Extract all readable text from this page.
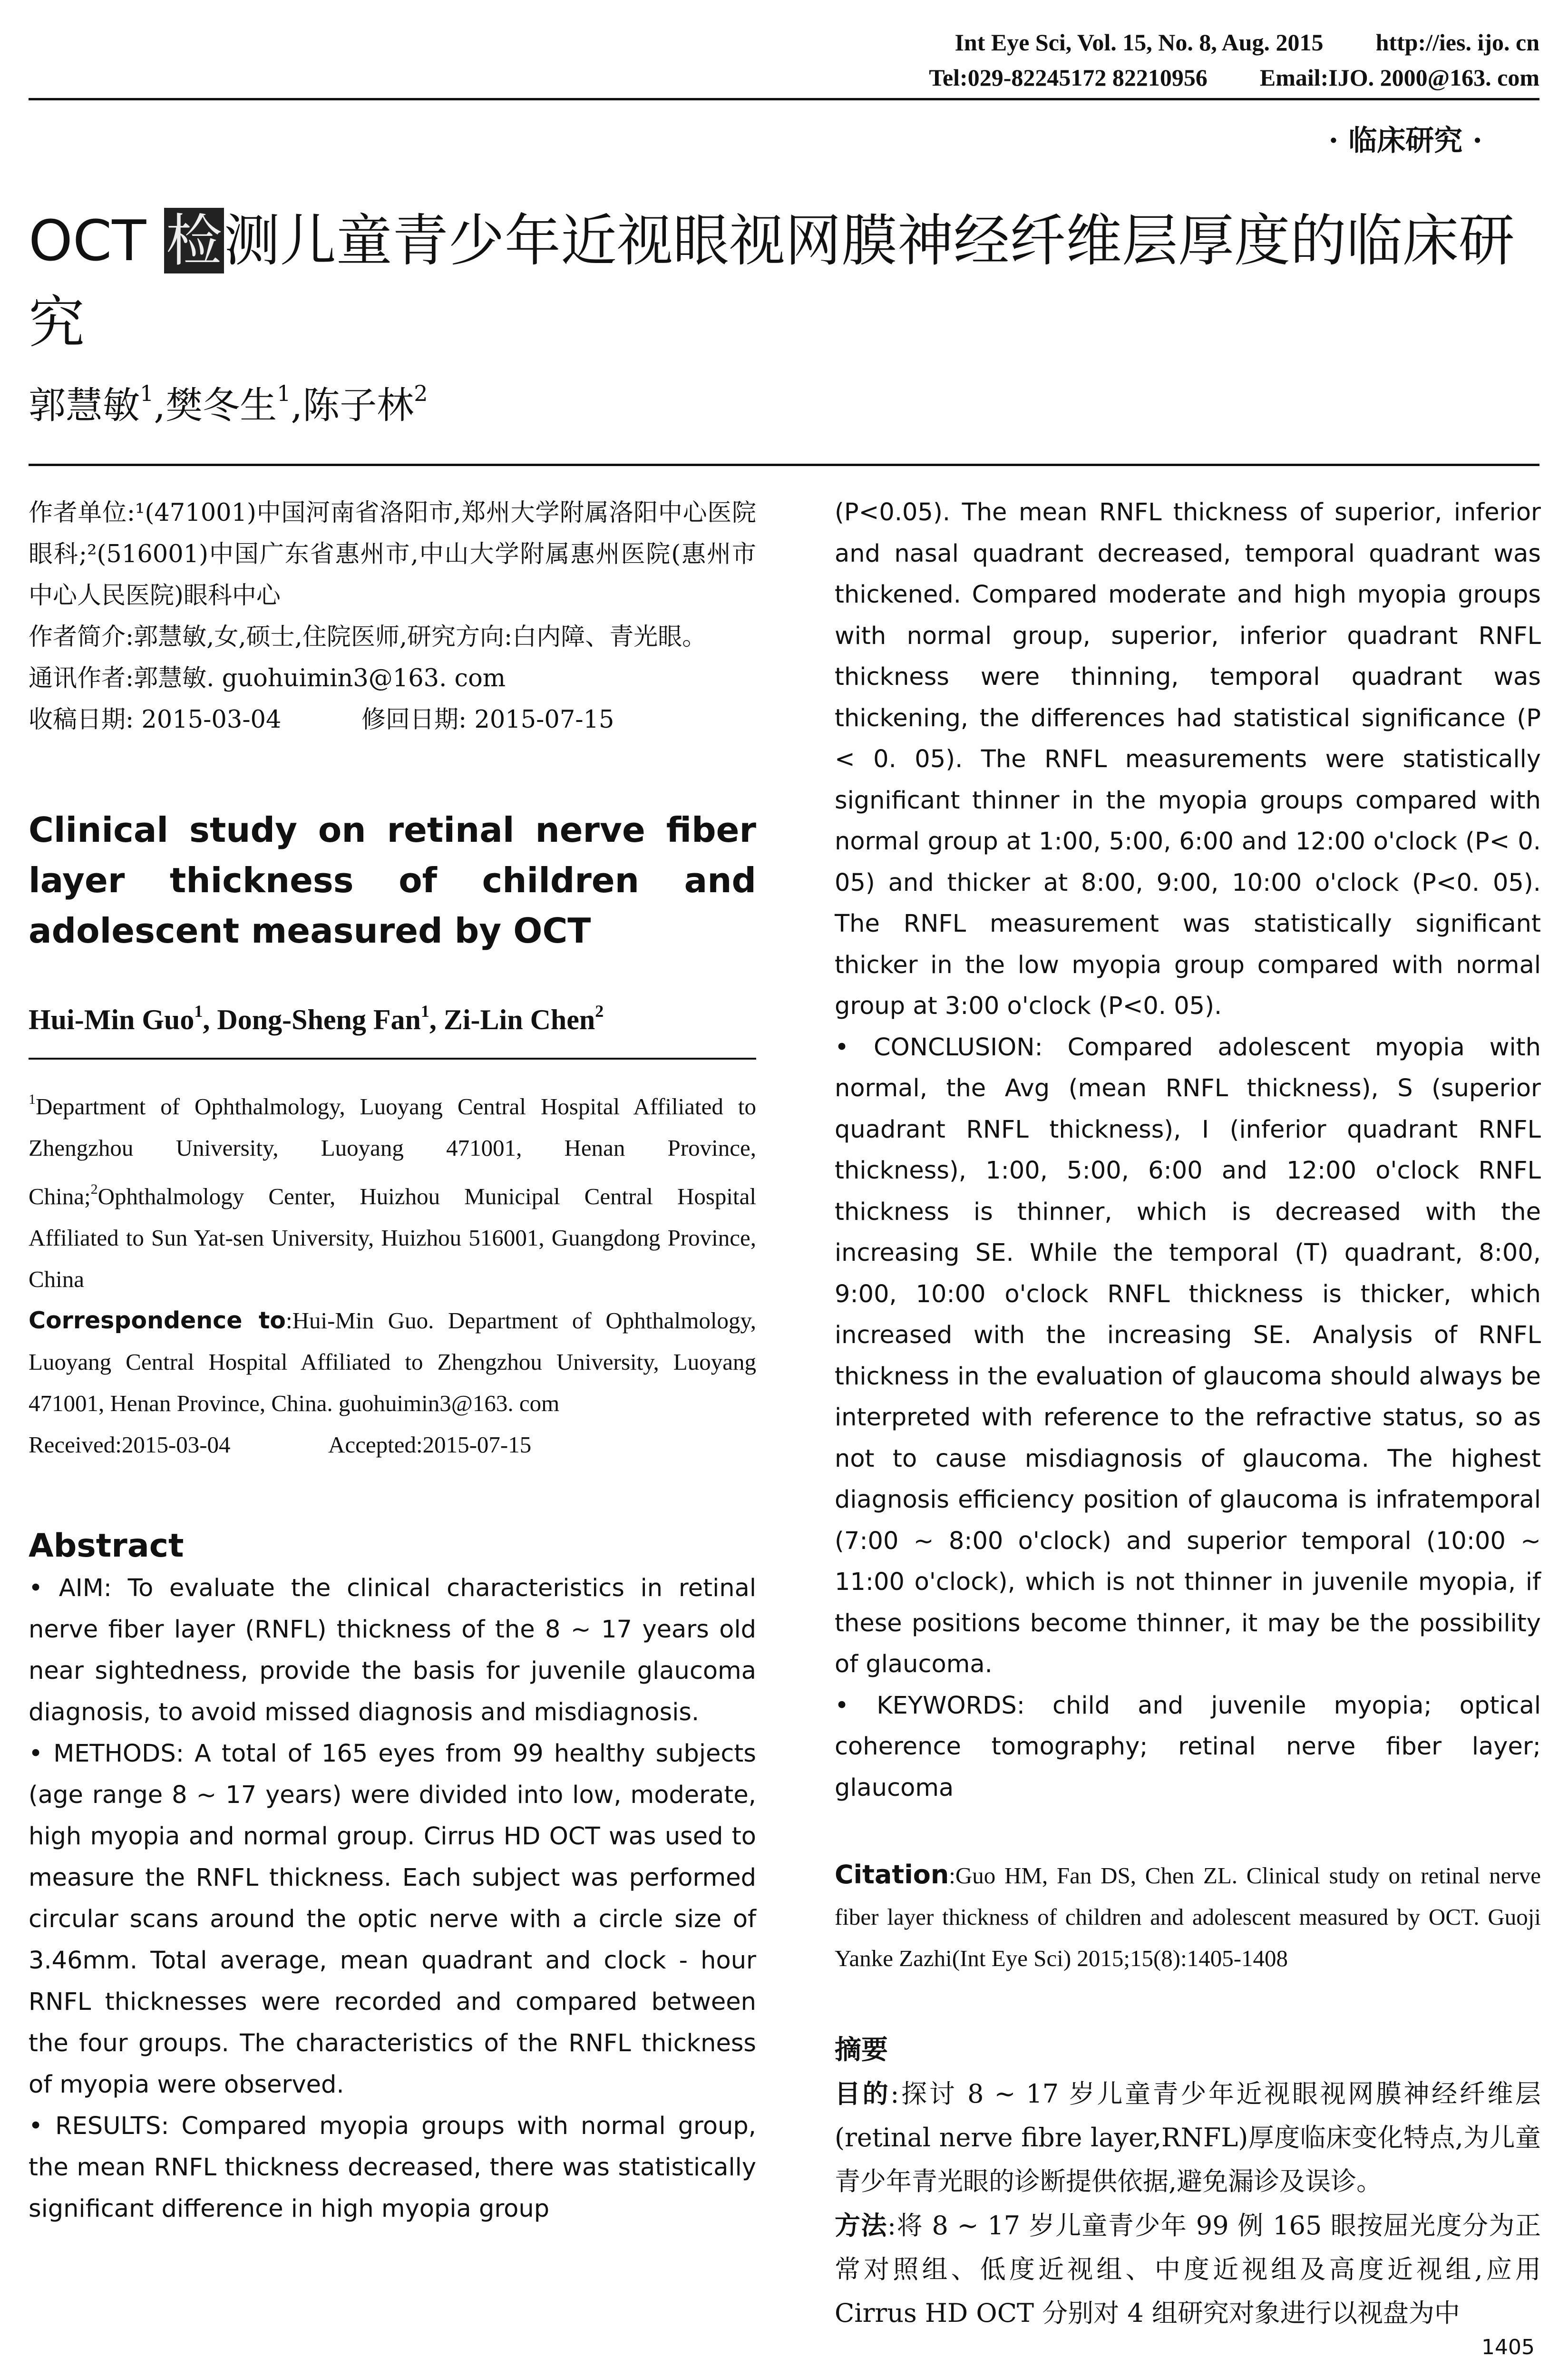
Int Eye Sci, Vol. 15, No. 8, Aug. 2015 http://ies. ijo. cn
Tel:029-82245172 82210956 Email:IJO. 2000@163. com
· 临床研究 ·
OCT 检测儿童青少年近视眼视网膜神经纤维层厚度的临床研究
郭慧敏$^1$,樊冬生$^1$,陈子林$^2$

作者单位:¹(471001)中国河南省洛阳市,郑州大学附属洛阳中心医院眼科;²(516001)中国广东省惠州市,中山大学附属惠州医院(惠州市中心人民医院)眼科中心

作者简介:郭慧敏,女,硕士,住院医师,研究方向:白内障、青光眼。

通讯作者:郭慧敏. guohuimin3@163. com

收稿日期: 2015-03-04	修回日期: 2015-07-15
Clinical study on retinal nerve fiber layer thickness of children and adolescent measured by OCT
Hui-Min Guo$^1$, Dong-Sheng Fan$^1$, Zi-Lin Chen$^2$

$^1$Department of Ophthalmology, Luoyang Central Hospital Affiliated to Zhengzhou University, Luoyang 471001, Henan Province, China;$^2$Ophthalmology Center, Huizhou Municipal Central Hospital Affiliated to Sun Yat-sen University, Huizhou 516001, Guangdong Province, China

Correspondence to:Hui-Min Guo. Department of Ophthalmology, Luoyang Central Hospital Affiliated to Zhengzhou University, Luoyang 471001, Henan Province, China. guohuimin3@163. com

Received:2015-03-04	Accepted:2015-07-15
Abstract

• AIM: To evaluate the clinical characteristics in retinal nerve fiber layer (RNFL) thickness of the 8 ~ 17 years old near sightedness, provide the basis for juvenile glaucoma diagnosis, to avoid missed diagnosis and misdiagnosis.

• METHODS: A total of 165 eyes from 99 healthy subjects (age range 8 ~ 17 years) were divided into low, moderate, high myopia and normal group. Cirrus HD OCT was used to measure the RNFL thickness. Each subject was performed circular scans around the optic nerve with a circle size of 3.46mm. Total average, mean quadrant and clock - hour RNFL thicknesses were recorded and compared between the four groups. The characteristics of the RNFL thickness of myopia were observed.

• RESULTS: Compared myopia groups with normal group, the mean RNFL thickness decreased, there was statistically significant difference in high myopia group

(P<0.05). The mean RNFL thickness of superior, inferior and nasal quadrant decreased, temporal quadrant was thickened. Compared moderate and high myopia groups with normal group, superior, inferior quadrant RNFL thickness were thinning, temporal quadrant was thickening, the differences had statistical significance (P < 0. 05). The RNFL measurements were statistically significant thinner in the myopia groups compared with normal group at 1:00, 5:00, 6:00 and 12:00 o'clock (P< 0. 05) and thicker at 8:00, 9:00, 10:00 o'clock (P<0. 05). The RNFL measurement was statistically significant thicker in the low myopia group compared with normal group at 3:00 o'clock (P<0. 05).

• CONCLUSION: Compared adolescent myopia with normal, the Avg (mean RNFL thickness), S (superior quadrant RNFL thickness), I (inferior quadrant RNFL thickness), 1:00, 5:00, 6:00 and 12:00 o'clock RNFL thickness is thinner, which is decreased with the increasing SE. While the temporal (T) quadrant, 8:00, 9:00, 10:00 o'clock RNFL thickness is thicker, which increased with the increasing SE. Analysis of RNFL thickness in the evaluation of glaucoma should always be interpreted with reference to the refractive status, so as not to cause misdiagnosis of glaucoma. The highest diagnosis efficiency position of glaucoma is infratemporal (7:00 ~ 8:00 o'clock) and superior temporal (10:00 ~ 11:00 o'clock), which is not thinner in juvenile myopia, if these positions become thinner, it may be the possibility of glaucoma.

• KEYWORDS: child and juvenile myopia; optical coherence tomography; retinal nerve fiber layer; glaucoma

Citation:Guo HM, Fan DS, Chen ZL. Clinical study on retinal nerve fiber layer thickness of children and adolescent measured by OCT. Guoji Yanke Zazhi(Int Eye Sci) 2015;15(8):1405-1408
摘要

目的:探讨 8 ~ 17 岁儿童青少年近视眼视网膜神经纤维层(retinal nerve fibre layer,RNFL)厚度临床变化特点,为儿童青少年青光眼的诊断提供依据,避免漏诊及误诊。

方法:将 8 ~ 17 岁儿童青少年 99 例 165 眼按屈光度分为正常对照组、低度近视组、中度近视组及高度近视组,应用 Cirrus HD OCT 分别对 4 组研究对象进行以视盘为中

1405
